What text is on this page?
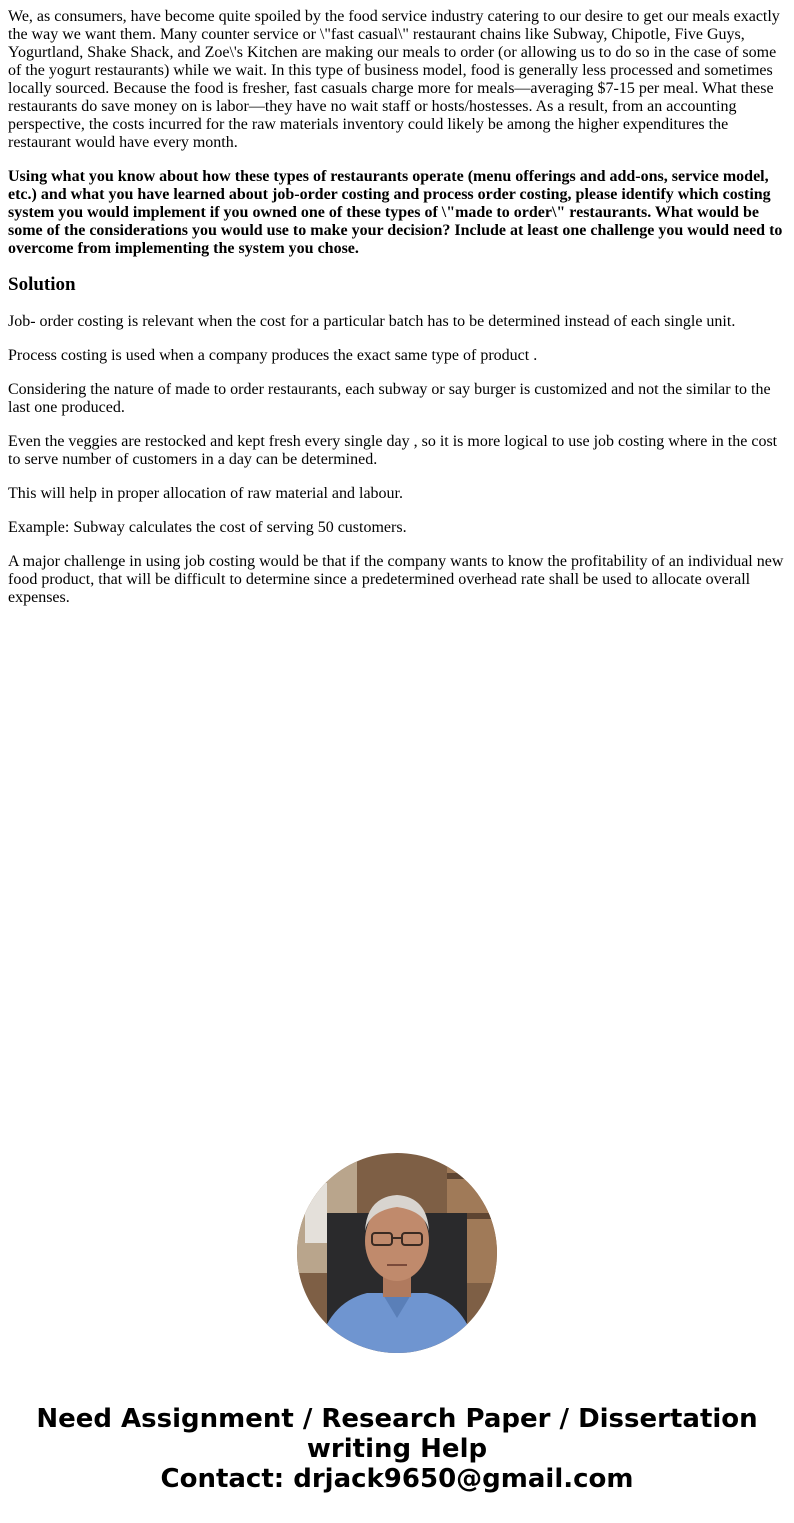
We, as consumers, have become quite spoiled by the food service industry catering to our desire to get our meals exactly the way we want them. Many counter service or \"fast casual\" restaurant chains like Subway, Chipotle, Five Guys, Yogurtland, Shake Shack, and Zoe\'s Kitchen are making our meals to order (or allowing us to do so in the case of some of the yogurt restaurants) while we wait. In this type of business model, food is generally less processed and sometimes locally sourced. Because the food is fresher, fast casuals charge more for meals—averaging $7-15 per meal. What these restaurants do save money on is labor—they have no wait staff or hosts/hostesses. As a result, from an accounting perspective, the costs incurred for the raw materials inventory could likely be among the higher expenditures the restaurant would have every month.

Using what you know about how these types of restaurants operate (menu offerings and add-ons, service model, etc.) and what you have learned about job-order costing and process order costing, please identify which costing system you would implement if you owned one of these types of \"made to order\" restaurants. What would be some of the considerations you would use to make your decision? Include at least one challenge you would need to overcome from implementing the system you chose.

Solution

Job- order costing is relevant when the cost for a particular batch has to be determined instead of each single unit.

Process costing is used when a company produces the exact same type of product .

Considering the nature of made to order restaurants, each subway or say burger is customized and not the similar to the last one produced.

Even the veggies are restocked and kept fresh every single day , so it is more logical to use job costing where in the cost to serve number of customers in a day can be determined.

This will help in proper allocation of raw material and labour.

Example: Subway calculates the cost of serving 50 customers.

A major challenge in using job costing would be that if the company wants to know the profitability of an individual new food product, that will be difficult to determine since a predetermined overhead rate shall be used to allocate overall expenses.

Need Assignment / Research Paper / Dissertation
writing Help
Contact: drjack9650@gmail.com
